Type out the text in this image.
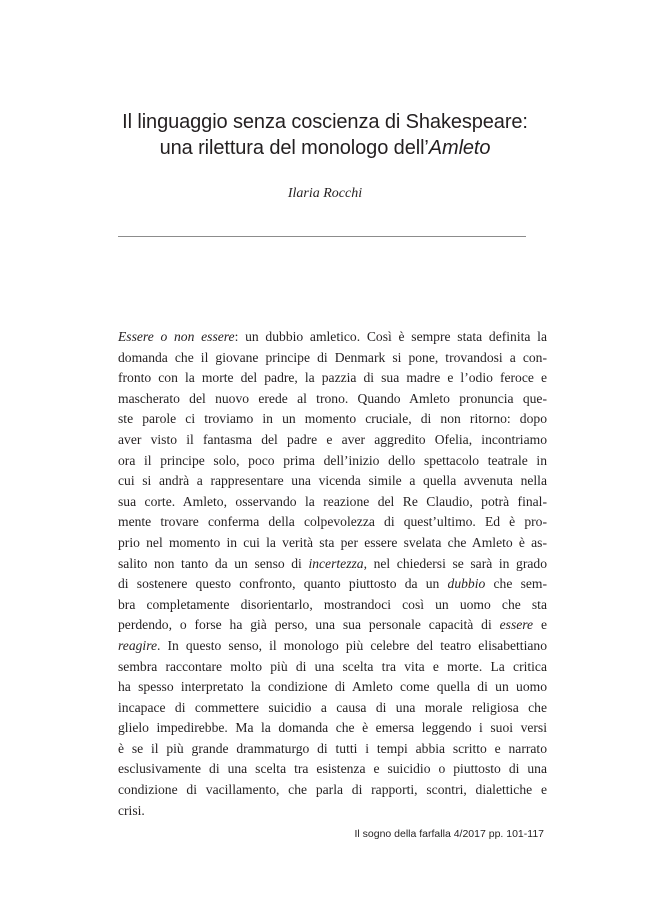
Il linguaggio senza coscienza di Shakespeare:
una rilettura del monologo dell’Amleto
Ilaria Rocchi
Essere o non essere: un dubbio amletico. Così è sempre stata definita la
domanda che il giovane principe di Denmark si pone, trovandosi a con-
fronto con la morte del padre, la pazzia di sua madre e l’odio feroce e
mascherato del nuovo erede al trono. Quando Amleto pronuncia que-
ste parole ci troviamo in un momento cruciale, di non ritorno: dopo
aver visto il fantasma del padre e aver aggredito Ofelia, incontriamo
ora il principe solo, poco prima dell’inizio dello spettacolo teatrale in
cui si andrà a rappresentare una vicenda simile a quella avvenuta nella
sua corte. Amleto, osservando la reazione del Re Claudio, potrà final-
mente trovare conferma della colpevolezza di quest’ultimo. Ed è pro-
prio nel momento in cui la verità sta per essere svelata che Amleto è as-
salito non tanto da un senso di incertezza, nel chiedersi se sarà in grado
di sostenere questo confronto, quanto piuttosto da un dubbio che sem-
bra completamente disorientarlo, mostrandoci così un uomo che sta
perdendo, o forse ha già perso, una sua personale capacità di essere e
reagire. In questo senso, il monologo più celebre del teatro elisabettiano
sembra raccontare molto più di una scelta tra vita e morte. La critica
ha spesso interpretato la condizione di Amleto come quella di un uomo
incapace di commettere suicidio a causa di una morale religiosa che
glielo impedirebbe. Ma la domanda che è emersa leggendo i suoi versi
è se il più grande drammaturgo di tutti i tempi abbia scritto e narrato
esclusivamente di una scelta tra esistenza e suicidio o piuttosto di una
condizione di vacillamento, che parla di rapporti, scontri, dialettiche e
crisi.
Il sogno della farfalla 4/2017 pp. 101-117
